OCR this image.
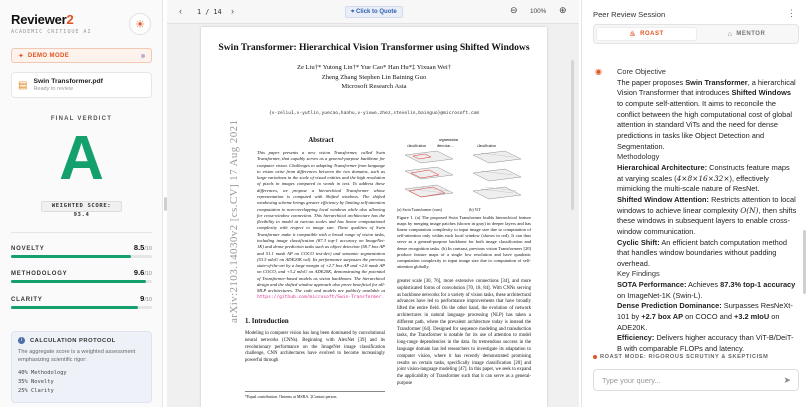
Reviewer2
ACADEMIC CRITIQUE AI
☀
✦ DEMO MODE
▤ Swin Transformer.pdf
Ready to review
FINAL VERDICT
A
WEIGHTED SCORE: 93.4
NOVELTY	8.5/10
METHODOLOGY	9.6/10
CLARITY	9/10
i	CALCULATION PROTOCOL
The aggregate score is a weighted assessment emphasizing scientific rigor:
40% Methodology
35% Novelty
25% Clarity
‹ 1 / 14 ›	⌖ Click to Quote	⊖ 100% ⊕
Swin Transformer: Hierarchical Vision Transformer using Shifted Windows
Ze Liu†* Yutong Lin†* Yue Cao* Han Hu*‡ Yixuan Wei†
Zheng Zhang Stephen Lin Baining Guo
Microsoft Research Asia
{v-zeliu1,v-yutlin,yuecao,hanhu,v-yixwe,zhez,stevelin,bainguo}@microsoft.com
arXiv:2103.14030v2 [cs.CV] 17 Aug 2021	Abstract
This paper presents a new vision Transformer, called Swin Transformer, that capably serves as a general-purpose backbone for computer vision. Challenges in adapting Transformer from language to vision arise from differences between the two domains, such as large variations in the scale of visual entities and the high resolution of pixels in images compared to words in text. To address these differences, we propose a hierarchical Transformer whose representation is computed with Shifted windows. The shifted windowing scheme brings greater efficiency by limiting self-attention computation to non-overlapping local windows while also allowing for cross-window connection. This hierarchical architecture has the flexibility to model at various scales and has linear computational complexity with respect to image size. These qualities of Swin Transformer make it compatible with a broad range of vision tasks, including image classification (87.3 top-1 accuracy on ImageNet-1K) and dense prediction tasks such as object detection (58.7 box AP and 51.1 mask AP on COCO test-dev) and semantic segmentation (53.5 mIoU on ADE20K val). Its performance surpasses the previous state-of-the-art by a large margin of +2.7 box AP and +2.6 mask AP on COCO, and +3.2 mIoU on ADE20K, demonstrating the potential of Transformer-based models as vision backbones. The hierarchical design and the shifted window approach also prove beneficial for all-MLP architectures. The code and models are publicly available at https://github.com/microsoft/Swin-Transformer.
1. Introduction
Modeling in computer vision has long been dominated by convolutional neural networks (CNNs). Beginning with AlexNet [39] and its revolutionary performance on the ImageNet image classification challenge, CNN architectures have evolved to become increasingly powerful through
*Equal contribution. †Interns at MSRA. ‡Contact person.
segmentation
classification	classification
detection ...
(a) Swin Transformer (ours)	(b) ViT
Figure 1. (a) The proposed Swin Transformer builds hierarchical feature maps by merging image patches (shown in gray) in deeper layers and has linear computation complexity to input image size due to computation of self-attention only within each local window (shown in red). It can thus serve as a general-purpose backbone for both image classification and dense recognition tasks. (b) In contrast, previous vision Transformers [20] produce feature maps of a single low resolution and have quadratic computation complexity to input image size due to computation of self-attention globally.
greater scale [30, 76], more extensive connections [34], and more sophisticated forms of convolution [70, 18, 84]. With CNNs serving as backbone networks for a variety of vision tasks, these architectural advances have led to performance improvements that have broadly lifted the entire field. On the other hand, the evolution of network architectures in natural language processing (NLP) has taken a different path, where the prevalent architecture today is instead the Transformer [64]. Designed for sequence modeling and transduction tasks, the Transformer is notable for its use of attention to model long-range dependencies in the data. Its tremendous success in the language domain has led researchers to investigate its adaptation to computer vision, where it has recently demonstrated promising results on certain tasks, specifically image classification [20] and joint vision-language modeling [47]. In this paper, we seek to expand the applicability of Transformer such that it can serve as a general-purpose
Peer Review Session	⋮
♨ ROAST	⌂ MENTOR
◉ Core Objective
The paper proposes Swin Transformer, a hierarchical Vision Transformer that introduces Shifted Windows to compute self-attention. It aims to reconcile the conflict between the high computational cost of global attention in standard ViTs and the need for dense predictions in tasks like Object Detection and Segmentation.
Methodology
Hierarchical Architecture: Constructs feature maps at varying scales (4×8×16×32×), effectively mimicking the multi-scale nature of ResNet.
Shifted Window Attention: Restricts attention to local windows to achieve linear complexity O(N), then shifts these windows in subsequent layers to enable cross-window communication.
Cyclic Shift: An efficient batch computation method that handles window boundaries without padding overhead.
Key Findings
SOTA Performance: Achieves 87.3% top-1 accuracy on ImageNet-1K (Swin-L).
Dense Prediction Dominance: Surpasses ResNeXt-101 by +2.7 box AP on COCO and +3.2 mIoU on ADE20K.
Efficiency: Delivers higher accuracy than ViT-B/DeiT-B with comparable FLOPs and latency.
ROAST MODE: RIGOROUS SCRUTINY & SKEPTICISM
Type your query...
➤
